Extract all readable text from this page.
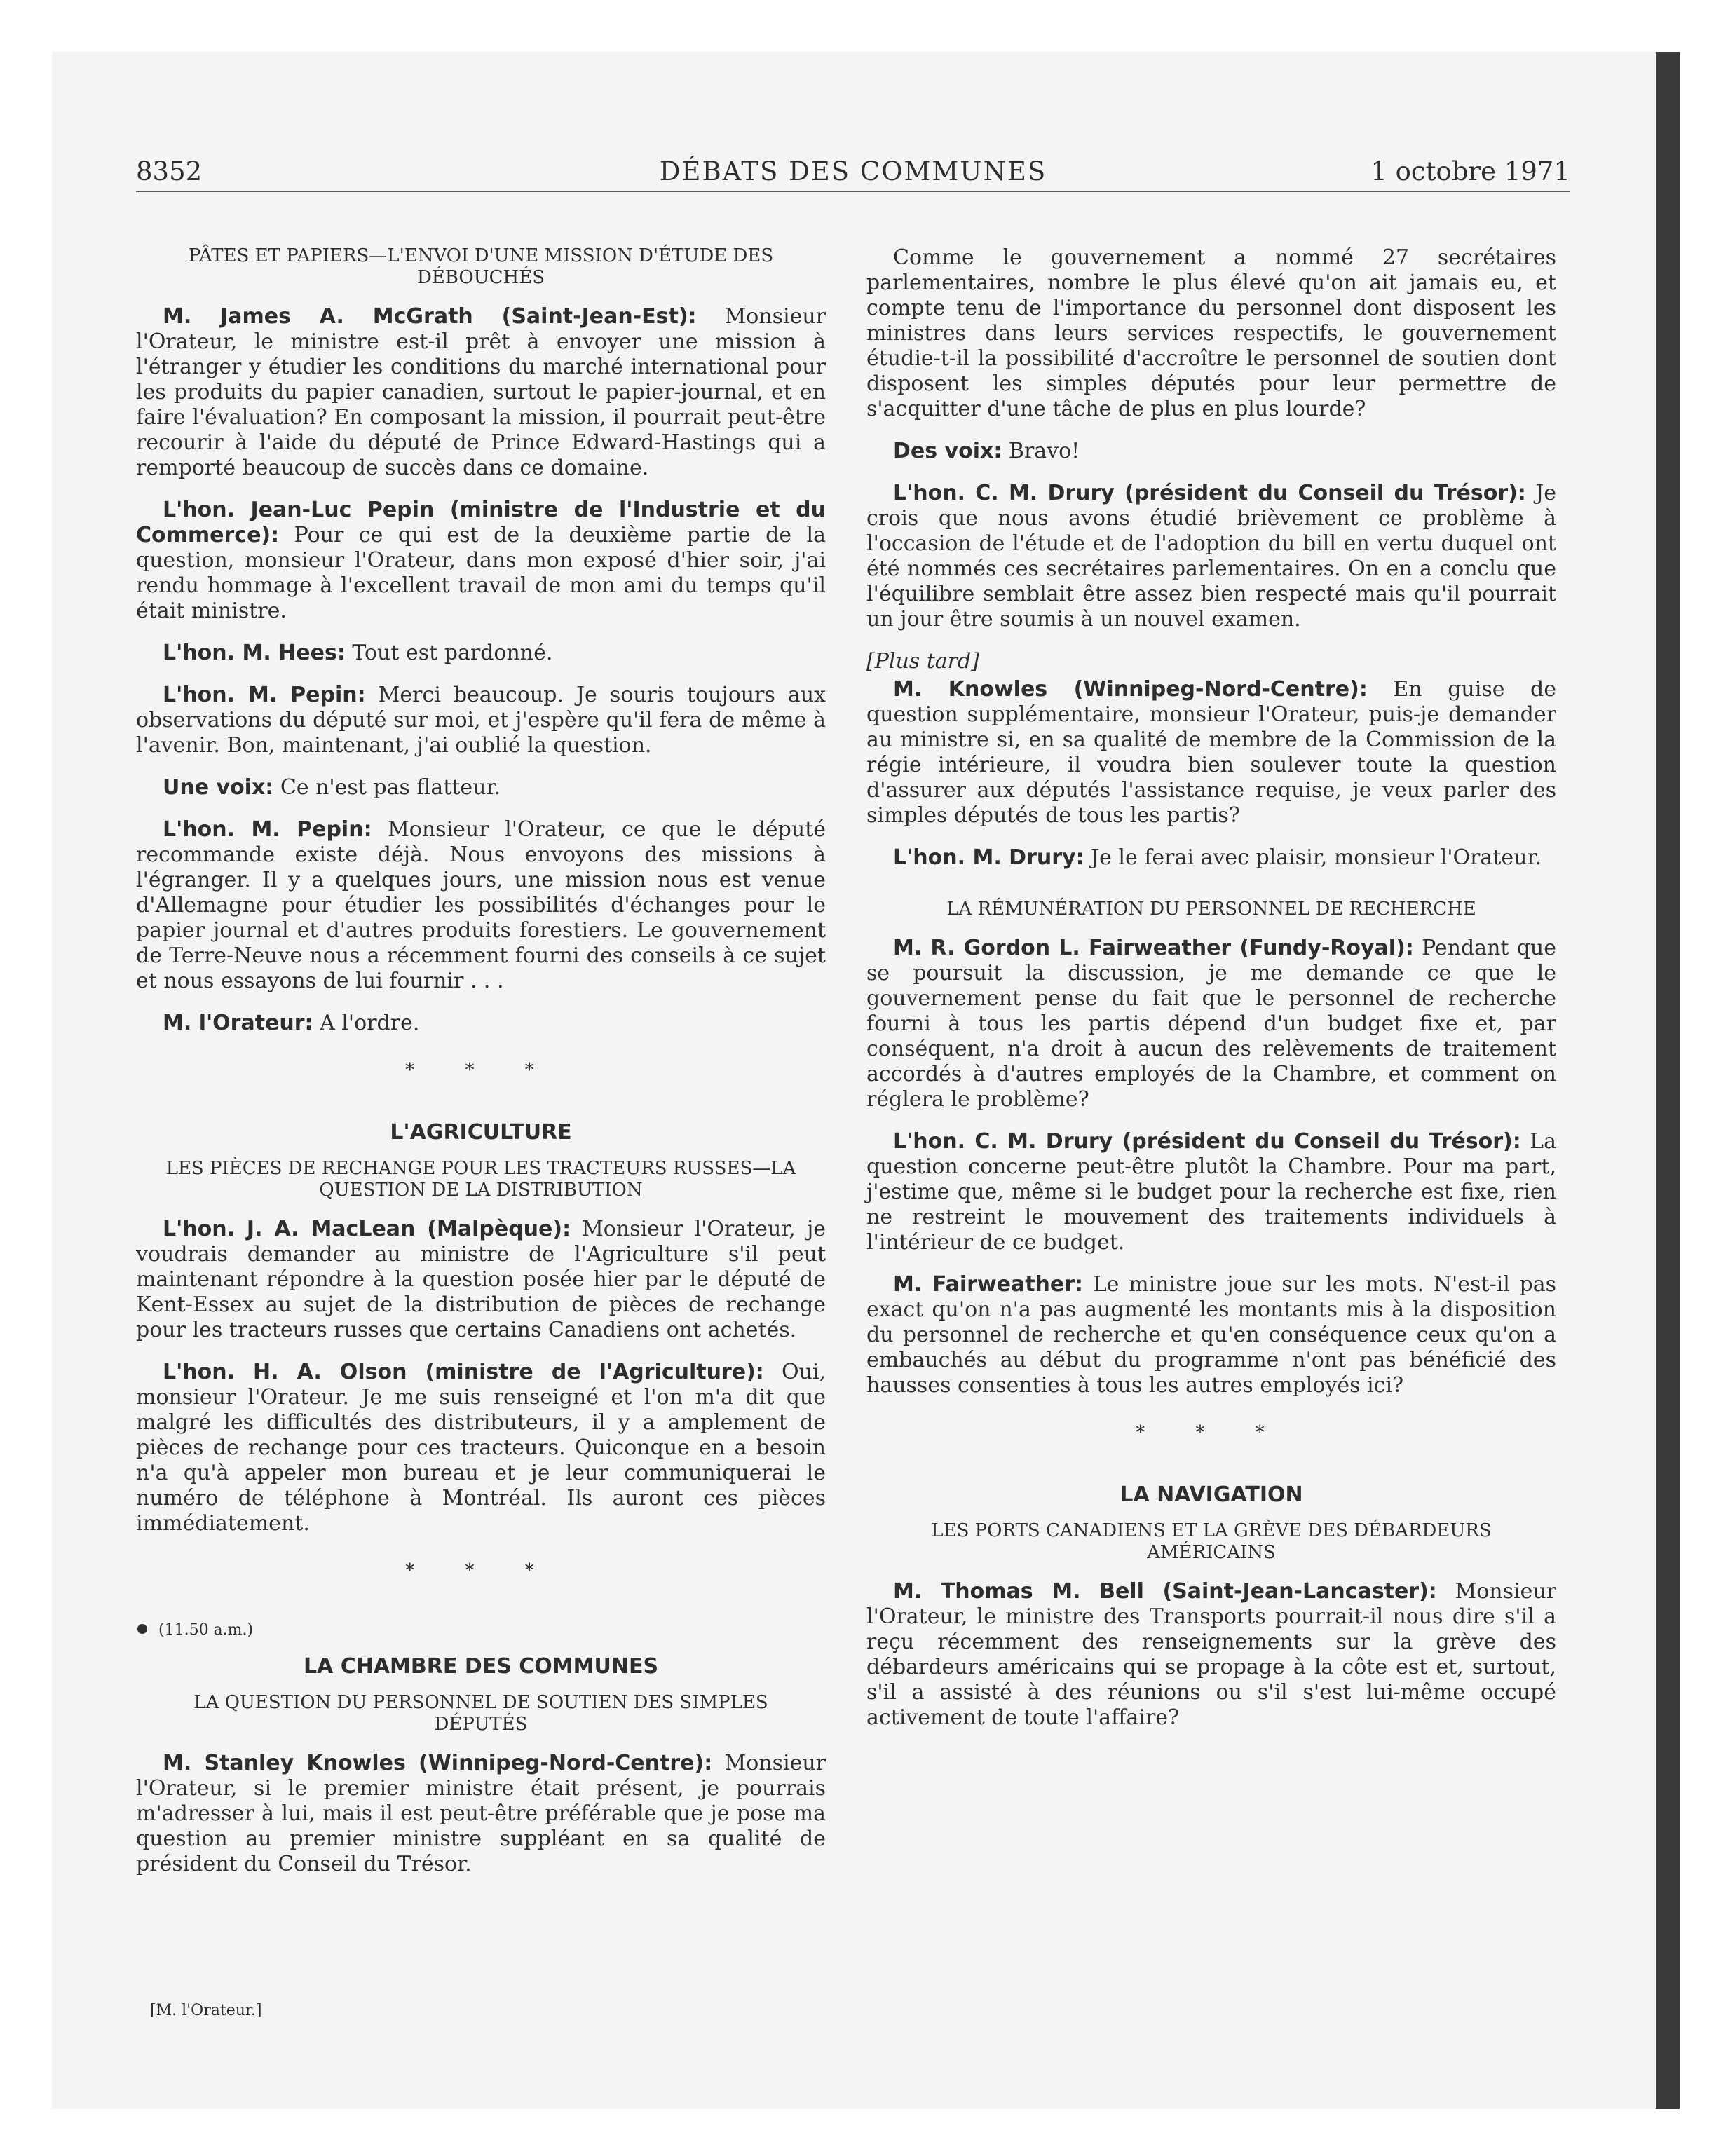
8352	DÉBATS DES COMMUNES	1 octobre 1971
PÂTES ET PAPIERS—L'ENVOI D'UNE MISSION D'ÉTUDE DES DÉBOUCHÉS

M. James A. McGrath (Saint-Jean-Est): Monsieur l'Orateur, le ministre est-il prêt à envoyer une mission à l'étranger y étudier les conditions du marché international pour les produits du papier canadien, surtout le papier-journal, et en faire l'évaluation? En composant la mission, il pourrait peut-être recourir à l'aide du député de Prince Edward-Hastings qui a remporté beaucoup de succès dans ce domaine.

L'hon. Jean-Luc Pepin (ministre de l'Industrie et du Commerce): Pour ce qui est de la deuxième partie de la question, monsieur l'Orateur, dans mon exposé d'hier soir, j'ai rendu hommage à l'excellent travail de mon ami du temps qu'il était ministre.

L'hon. M. Hees: Tout est pardonné.

L'hon. M. Pepin: Merci beaucoup. Je souris toujours aux observations du député sur moi, et j'espère qu'il fera de même à l'avenir. Bon, maintenant, j'ai oublié la question.

Une voix: Ce n'est pas flatteur.

L'hon. M. Pepin: Monsieur l'Orateur, ce que le député recommande existe déjà. Nous envoyons des missions à l'égranger. Il y a quelques jours, une mission nous est venue d'Allemagne pour étudier les possibilités d'échanges pour le papier journal et d'autres produits forestiers. Le gouvernement de Terre-Neuve nous a récemment fourni des conseils à ce sujet et nous essayons de lui fournir . . .

M. l'Orateur: A l'ordre.

* * *
L'AGRICULTURE
LES PIÈCES DE RECHANGE POUR LES TRACTEURS RUSSES—LA QUESTION DE LA DISTRIBUTION

L'hon. J. A. MacLean (Malpèque): Monsieur l'Orateur, je voudrais demander au ministre de l'Agriculture s'il peut maintenant répondre à la question posée hier par le député de Kent-Essex au sujet de la distribution de pièces de rechange pour les tracteurs russes que certains Canadiens ont achetés.

L'hon. H. A. Olson (ministre de l'Agriculture): Oui, monsieur l'Orateur. Je me suis renseigné et l'on m'a dit que malgré les difficultés des distributeurs, il y a amplement de pièces de rechange pour ces tracteurs. Quiconque en a besoin n'a qu'à appeler mon bureau et je leur communiquerai le numéro de téléphone à Montréal. Ils auront ces pièces immédiatement.

* * *
(11.50 a.m.)
LA CHAMBRE DES COMMUNES
LA QUESTION DU PERSONNEL DE SOUTIEN DES SIMPLES DÉPUTÉS

M. Stanley Knowles (Winnipeg-Nord-Centre): Monsieur l'Orateur, si le premier ministre était présent, je pourrais m'adresser à lui, mais il est peut-être préférable que je pose ma question au premier ministre suppléant en sa qualité de président du Conseil du Trésor.

[M. l'Orateur.]

Comme le gouvernement a nommé 27 secrétaires parlementaires, nombre le plus élevé qu'on ait jamais eu, et compte tenu de l'importance du personnel dont disposent les ministres dans leurs services respectifs, le gouvernement étudie-t-il la possibilité d'accroître le personnel de soutien dont disposent les simples députés pour leur permettre de s'acquitter d'une tâche de plus en plus lourde?

Des voix: Bravo!

L'hon. C. M. Drury (président du Conseil du Trésor): Je crois que nous avons étudié brièvement ce problème à l'occasion de l'étude et de l'adoption du bill en vertu duquel ont été nommés ces secrétaires parlementaires. On en a conclu que l'équilibre semblait être assez bien respecté mais qu'il pourrait un jour être soumis à un nouvel examen.

[Plus tard]

M. Knowles (Winnipeg-Nord-Centre): En guise de question supplémentaire, monsieur l'Orateur, puis-je demander au ministre si, en sa qualité de membre de la Commission de la régie intérieure, il voudra bien soulever toute la question d'assurer aux députés l'assistance requise, je veux parler des simples députés de tous les partis?

L'hon. M. Drury: Je le ferai avec plaisir, monsieur l'Orateur.

LA RÉMUNÉRATION DU PERSONNEL DE RECHERCHE

M. R. Gordon L. Fairweather (Fundy-Royal): Pendant que se poursuit la discussion, je me demande ce que le gouvernement pense du fait que le personnel de recherche fourni à tous les partis dépend d'un budget fixe et, par conséquent, n'a droit à aucun des relèvements de traitement accordés à d'autres employés de la Chambre, et comment on réglera le problème?

L'hon. C. M. Drury (président du Conseil du Trésor): La question concerne peut-être plutôt la Chambre. Pour ma part, j'estime que, même si le budget pour la recherche est fixe, rien ne restreint le mouvement des traitements individuels à l'intérieur de ce budget.

M. Fairweather: Le ministre joue sur les mots. N'est-il pas exact qu'on n'a pas augmenté les montants mis à la disposition du personnel de recherche et qu'en conséquence ceux qu'on a embauchés au début du programme n'ont pas bénéficié des hausses consenties à tous les autres employés ici?

* * *
LA NAVIGATION
LES PORTS CANADIENS ET LA GRÈVE DES DÉBARDEURS AMÉRICAINS

M. Thomas M. Bell (Saint-Jean-Lancaster): Monsieur l'Orateur, le ministre des Transports pourrait-il nous dire s'il a reçu récemment des renseignements sur la grève des débardeurs américains qui se propage à la côte est et, surtout, s'il a assisté à des réunions ou s'il s'est lui-même occupé activement de toute l'affaire?
